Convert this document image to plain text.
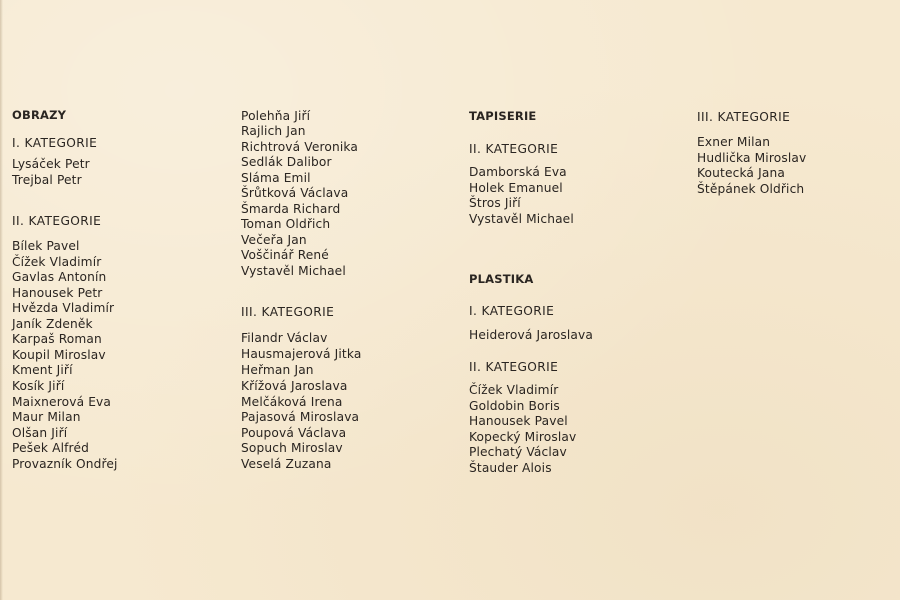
OBRAZY
I. KATEGORIE
Lysáček Petr
Trejbal Petr
II. KATEGORIE
Bílek Pavel
Čížek Vladimír
Gavlas Antonín
Hanousek Petr
Hvězda Vladimír
Janík Zdeněk
Karpaš Roman
Koupil Miroslav
Kment Jiří
Kosík Jiří
Maixnerová Eva
Maur Milan
Olšan Jiří
Pešek Alfréd
Provazník Ondřej
Polehňa Jiří
Rajlich Jan
Richtrová Veronika
Sedlák Dalibor
Sláma Emil
Šrůtková Václava
Šmarda Richard
Toman Oldřich
Večeřa Jan
Voščinář René
Vystavěl Michael
III. KATEGORIE
Filandr Václav
Hausmajerová Jitka
Heřman Jan
Křížová Jaroslava
Melčáková Irena
Pajasová Miroslava
Poupová Václava
Sopuch Miroslav
Veselá Zuzana
TAPISERIE
II. KATEGORIE
Damborská Eva
Holek Emanuel
Štros Jiří
Vystavěl Michael
PLASTIKA
I. KATEGORIE
Heiderová Jaroslava
II. KATEGORIE
Čížek Vladimír
Goldobin Boris
Hanousek Pavel
Kopecký Miroslav
Plechatý Václav
Štauder Alois
III. KATEGORIE
Exner Milan
Hudlička Miroslav
Koutecká Jana
Štěpánek Oldřich
